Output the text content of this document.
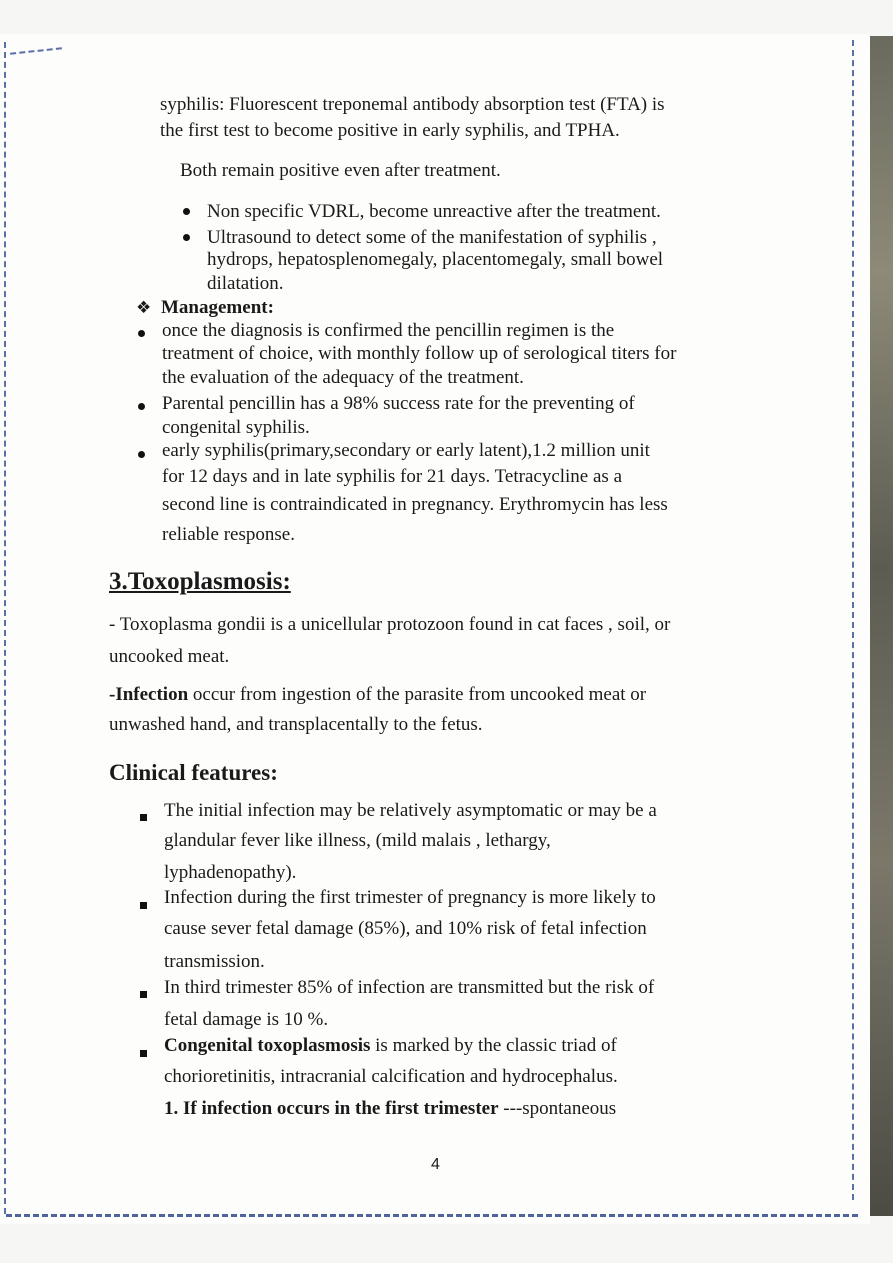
syphilis: Fluorescent treponemal antibody absorption test (FTA) is
the first test to become positive in early syphilis, and TPHA.
Both remain positive even after treatment.
Non specific VDRL, become unreactive after the treatment.
Ultrasound to detect some of the manifestation of syphilis ,
hydrops, hepatosplenomegaly, placentomegaly, small bowel
dilatation.
❖ Management:
once the diagnosis is confirmed the pencillin regimen is the
treatment of choice, with monthly follow up of serological titers for
the evaluation of the adequacy of the treatment.
Parental pencillin has a 98% success rate for the preventing of
congenital syphilis.
early syphilis(primary,secondary or early latent),1.2 million unit
for 12 days and in late syphilis for 21 days. Tetracycline as a
second line is contraindicated in pregnancy. Erythromycin has less
reliable response.
3.Toxoplasmosis:
- Toxoplasma gondii is a unicellular protozoon found in cat faces , soil, or
uncooked meat.
-Infection occur from ingestion of the parasite from uncooked meat or
unwashed hand, and transplacentally to the fetus.
Clinical features:
The initial infection may be relatively asymptomatic or may be a
glandular fever like illness, (mild malais , lethargy,
lyphadenopathy).
Infection during the first trimester of pregnancy is more likely to
cause sever fetal damage (85%), and 10% risk of fetal infection
transmission.
In third trimester 85% of infection are transmitted but the risk of
fetal damage is 10 %.
Congenital toxoplasmosis is marked by the classic triad of
chorioretinitis, intracranial calcification and hydrocephalus.
1. If infection occurs in the first trimester ---spontaneous
4
